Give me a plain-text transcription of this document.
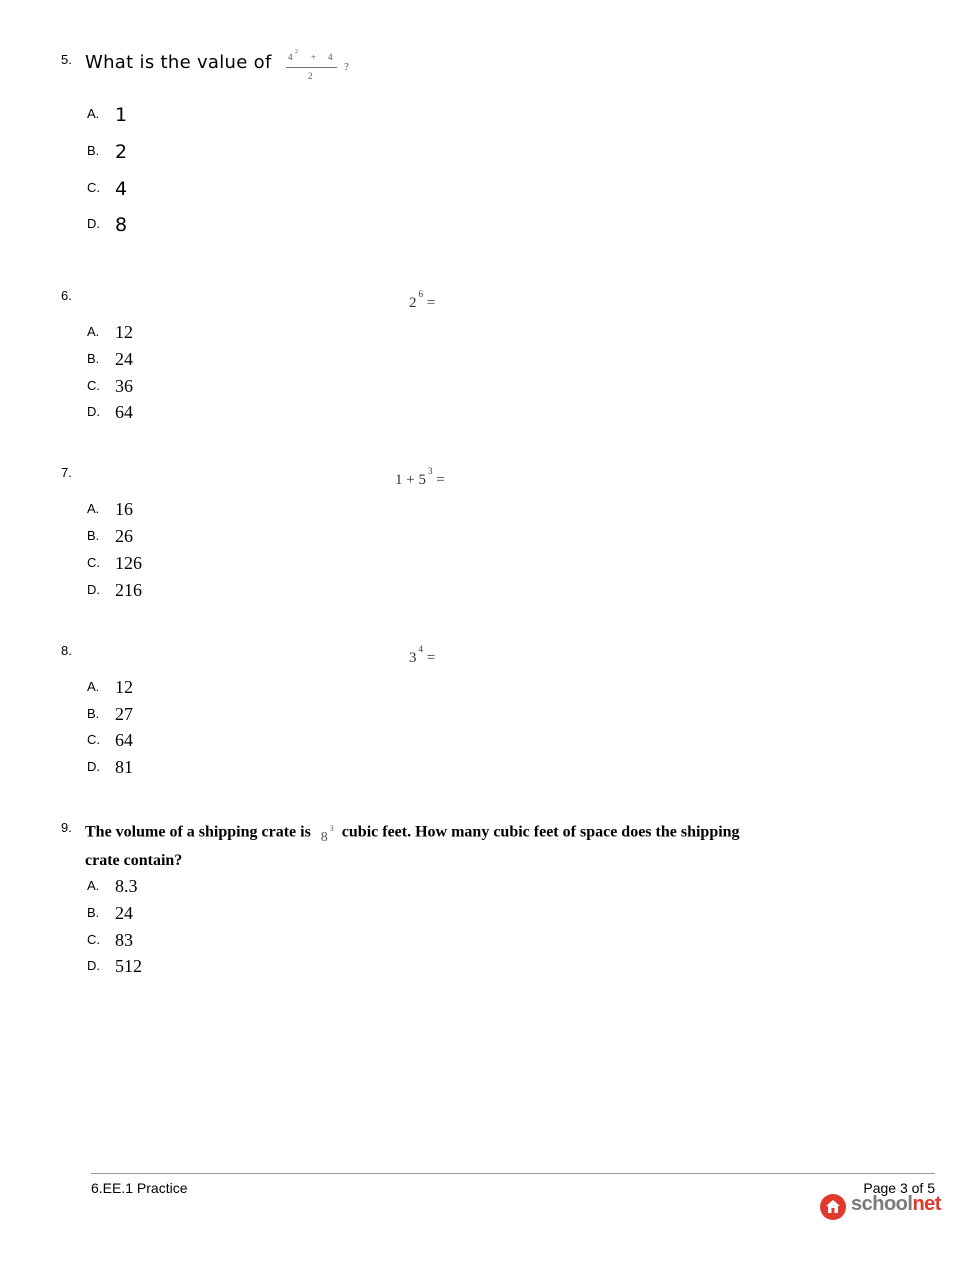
5. What is the value of 4 2 + 4
2
?
A. 1
B. 2
C. 4
D. 8
6.	$2^6$ =
A. 12
B. 24
C. 36
D. 64
7.	$1 + 5^3$ =
A. 16
B. 26
C. 126
D. 216
8.	$3^4$ =
A. 12
B. 27
C. 64
D. 81
9. The volume of a shipping crate is $8^3$ cubic feet. How many cubic feet of space does the shipping crate contain?
A. 8.3
B. 24
C. 83
D. 512
6.EE.1 Practice	Page 3 of 5
schoolnet
